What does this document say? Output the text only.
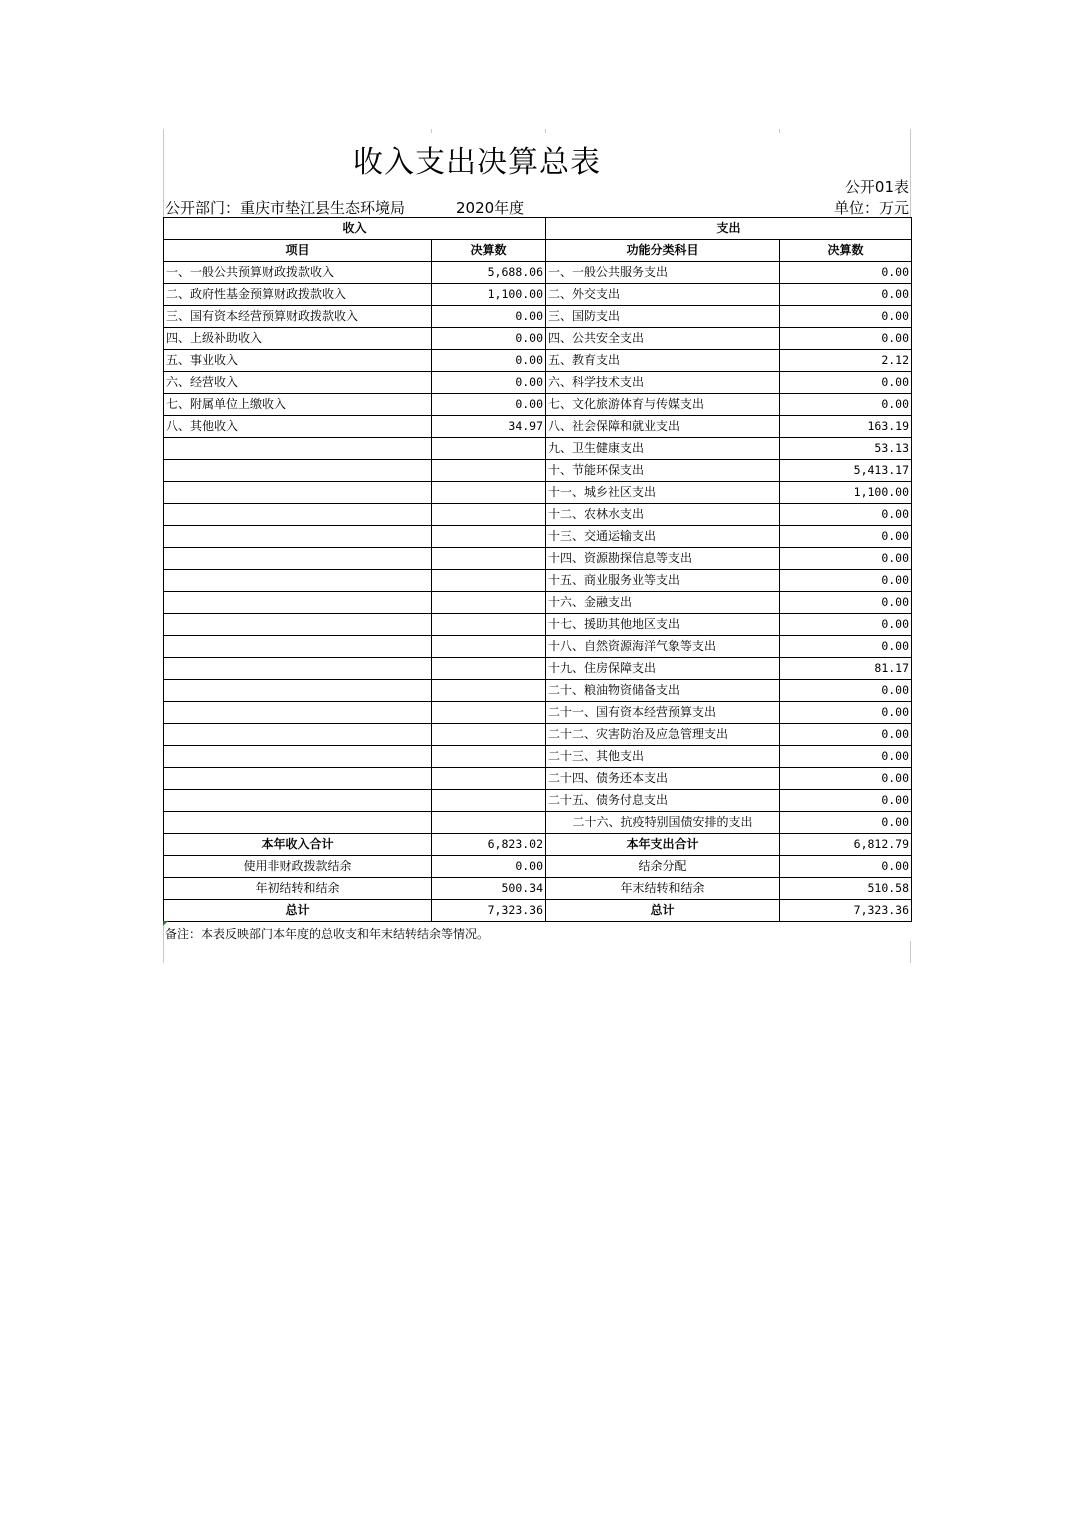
收入支出决算总表
公开01表
公开部门：重庆市垫江县生态环境局	2020年度	单位：万元
收入		支出	
项目	决算数	功能分类科目	决算数
一、一般公共预算财政拨款收入	5,688.06	一、一般公共服务支出	0.00
二、政府性基金预算财政拨款收入	1,100.00	二、外交支出	0.00
三、国有资本经营预算财政拨款收入	0.00	三、国防支出	0.00
四、上级补助收入	0.00	四、公共安全支出	0.00
五、事业收入	0.00	五、教育支出	2.12
六、经营收入	0.00	六、科学技术支出	0.00
七、附属单位上缴收入	0.00	七、文化旅游体育与传媒支出	0.00
八、其他收入	34.97	八、社会保障和就业支出	163.19
		九、卫生健康支出	53.13
		十、节能环保支出	5,413.17
		十一、城乡社区支出	1,100.00
		十二、农林水支出	0.00
		十三、交通运输支出	0.00
		十四、资源勘探信息等支出	0.00
		十五、商业服务业等支出	0.00
		十六、金融支出	0.00
		十七、援助其他地区支出	0.00
		十八、自然资源海洋气象等支出	0.00
		十九、住房保障支出	81.17
		二十、粮油物资储备支出	0.00
		二十一、国有资本经营预算支出	0.00
		二十二、灾害防治及应急管理支出	0.00
		二十三、其他支出	0.00
		二十四、债务还本支出	0.00
		二十五、债务付息支出	0.00
		二十六、抗疫特别国债安排的支出	0.00
本年收入合计	6,823.02	本年支出合计	6,812.79
使用非财政拨款结余	0.00	结余分配	0.00
年初结转和结余	500.34	年末结转和结余	510.58
总计	7,323.36	总计	7,323.36
备注：本表反映部门本年度的总收支和年末结转结余等情况。
